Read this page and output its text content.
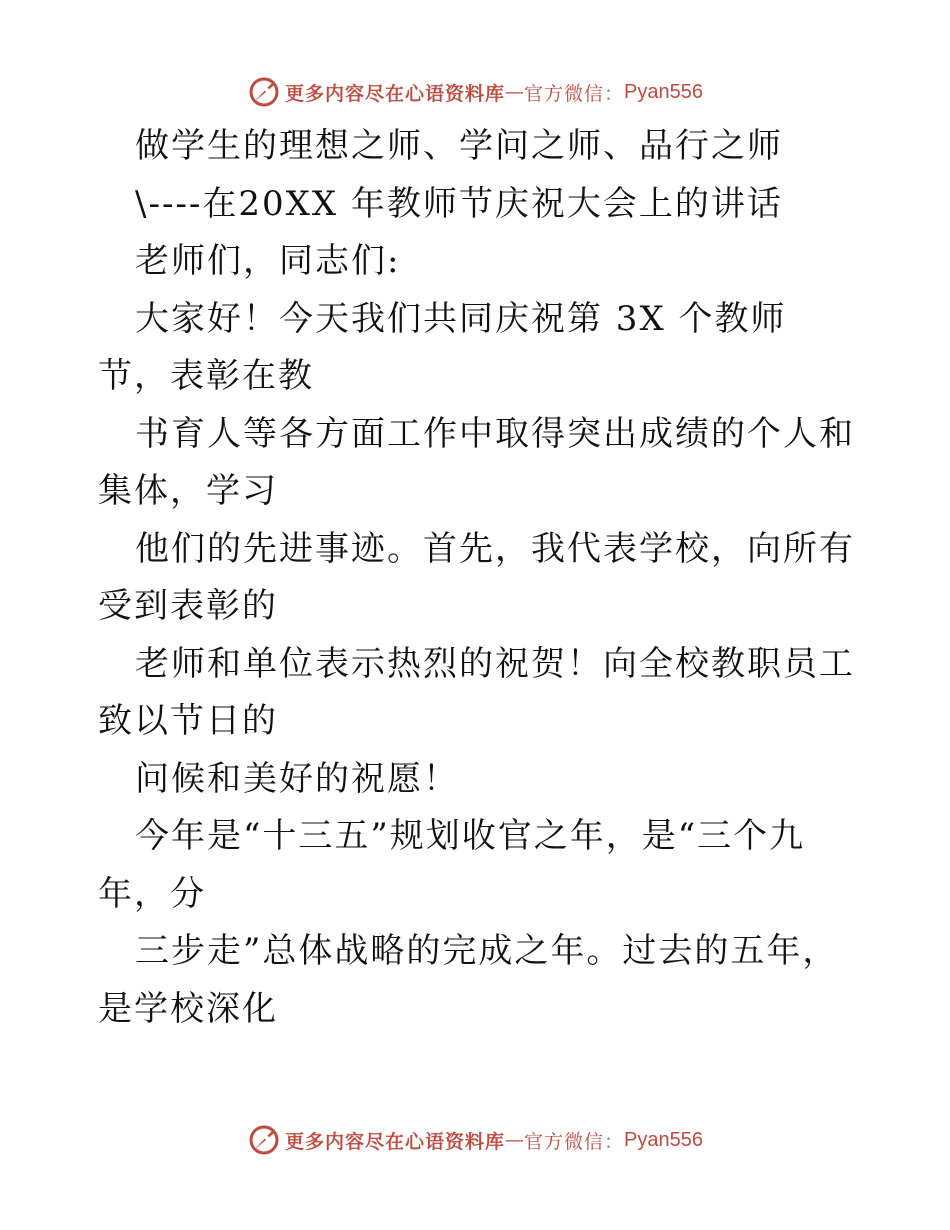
更多内容尽在心语资料库 — 官方微信： Pyan556

做学生的理想之师、学问之师、品行之师

\----在20XX 年教师节庆祝大会上的讲话

老师们，同志们:

大家好！今天我们共同庆祝第 3X 个教师节，表彰在教

书育人等各方面工作中取得突出成绩的个人和集体，学习

他们的先进事迹。首先，我代表学校，向所有受到表彰的

老师和单位表示热烈的祝贺！向全校教职员工致以节日的

问候和美好的祝愿！

今年是“十三五”规划收官之年，是“三个九年，分

三步走”总体战略的完成之年。过去的五年，是学校深化

更多内容尽在心语资料库 — 官方微信： Pyan556
